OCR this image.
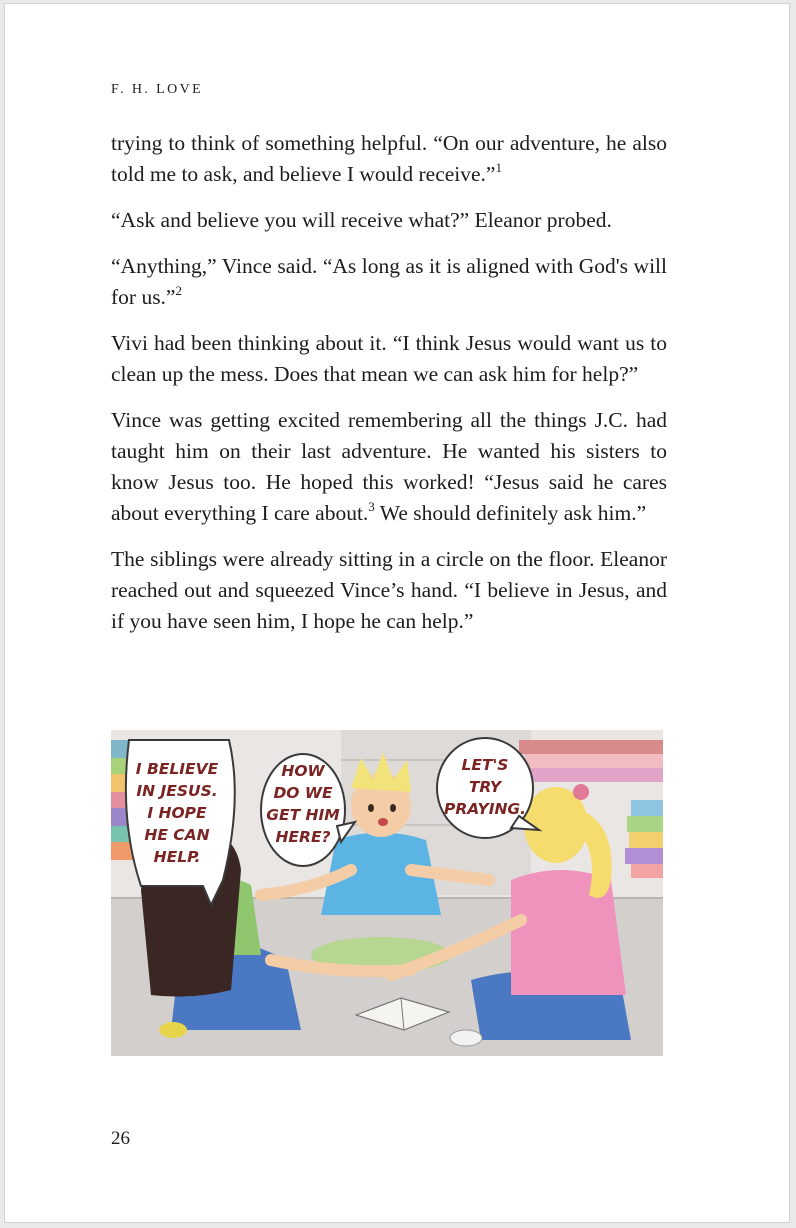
F. H. LOVE

trying to think of something helpful. “On our adventure, he also told me to ask, and believe I would receive.”$^1$

“Ask and believe you will receive what?” Eleanor probed.

“Anything,” Vince said. “As long as it is aligned with God's will for us.”$^2$

Vivi had been thinking about it. “I think Jesus would want us to clean up the mess. Does that mean we can ask him for help?”

Vince was getting excited remembering all the things J.C. had taught him on their last adventure. He wanted his sisters to know Jesus too. He hoped this worked! “Jesus said he cares about everything I care about.$^3$ We should definitely ask him.”

The siblings were already sitting in a circle on the floor. Eleanor reached out and squeezed Vince’s hand. “I believe in Jesus, and if you have seen him, I hope he can help.”

I BELIEVE
IN JESUS.
I HOPE
HE CAN
HELP.
HOW
DO WE
GET HIM
HERE?
LET'S
TRY
PRAYING.
26
